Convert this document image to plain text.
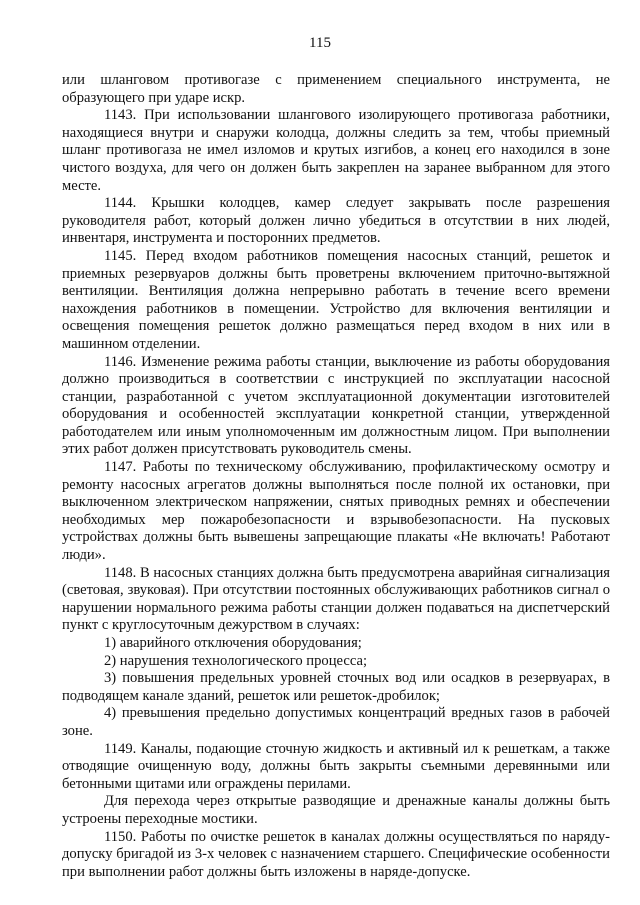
115

или шланговом противогазе с применением специального инструмента, не образующего при ударе искр.

1143. При использовании шлангового изолирующего противогаза работники, находящиеся внутри и снаружи колодца, должны следить за тем, чтобы приемный шланг противогаза не имел изломов и крутых изгибов, а конец его находился в зоне чистого воздуха, для чего он должен быть закреплен на заранее выбранном для этого месте.

1144. Крышки колодцев, камер следует закрывать после разрешения руководителя работ, который должен лично убедиться в отсутствии в них людей, инвентаря, инструмента и посторонних предметов.

1145. Перед входом работников помещения насосных станций, решеток и приемных резервуаров должны быть проветрены включением приточно-вытяжной вентиляции. Вентиляция должна непрерывно работать в течение всего времени нахождения работников в помещении. Устройство для включения вентиляции и освещения помещения решеток должно размещаться перед входом в них или в машинном отделении.

1146. Изменение режима работы станции, выключение из работы оборудования должно производиться в соответствии с инструкцией по эксплуатации насосной станции, разработанной с учетом эксплуатационной документации изготовителей оборудования и особенностей эксплуатации конкретной станции, утвержденной работодателем или иным уполномоченным им должностным лицом. При выполнении этих работ должен присутствовать руководитель смены.

1147. Работы по техническому обслуживанию, профилактическому осмотру и ремонту насосных агрегатов должны выполняться после полной их остановки, при выключенном электрическом напряжении, снятых приводных ремнях и обеспечении необходимых мер пожаробезопасности и взрывобезопасности. На пусковых устройствах должны быть вывешены запрещающие плакаты «Не включать! Работают люди».

1148. В насосных станциях должна быть предусмотрена аварийная сигнализация (световая, звуковая). При отсутствии постоянных обслуживающих работников сигнал о нарушении нормального режима работы станции должен подаваться на диспетчерский пункт с круглосуточным дежурством в случаях:

1) аварийного отключения оборудования;

2) нарушения технологического процесса;

3) повышения предельных уровней сточных вод или осадков в резервуарах, в подводящем канале зданий, решеток или решеток-дробилок;

4) превышения предельно допустимых концентраций вредных газов в рабочей зоне.

1149. Каналы, подающие сточную жидкость и активный ил к решеткам, а также отводящие очищенную воду, должны быть закрыты съемными деревянными или бетонными щитами или ограждены перилами.

Для перехода через открытые разводящие и дренажные каналы должны быть устроены переходные мостики.

1150. Работы по очистке решеток в каналах должны осуществляться по наряду-допуску бригадой из 3-х человек с назначением старшего. Специфические особенности при выполнении работ должны быть изложены в наряде-допуске.
